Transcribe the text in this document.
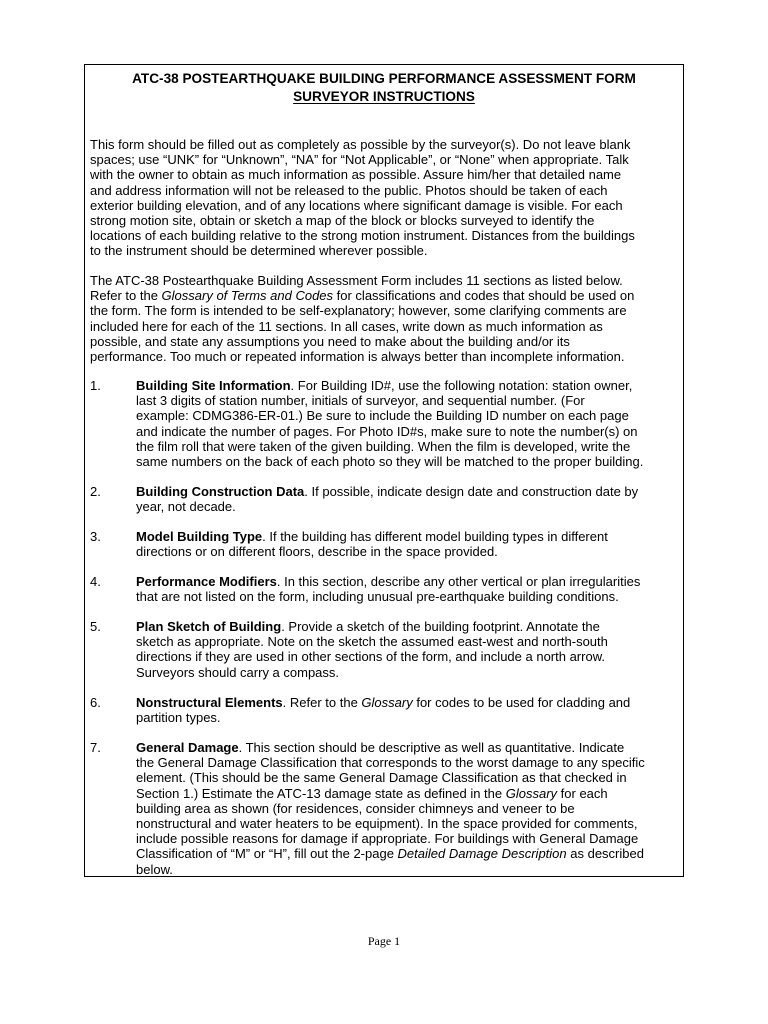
ATC-38 POSTEARTHQUAKE BUILDING PERFORMANCE ASSESSMENT FORM
SURVEYOR INSTRUCTIONS

This form should be filled out as completely as possible by the surveyor(s). Do not leave blank
spaces; use “UNK” for “Unknown”, “NA” for “Not Applicable”, or “None” when appropriate. Talk
with the owner to obtain as much information as possible. Assure him/her that detailed name
and address information will not be released to the public. Photos should be taken of each
exterior building elevation, and of any locations where significant damage is visible. For each
strong motion site, obtain or sketch a map of the block or blocks surveyed to identify the
locations of each building relative to the strong motion instrument. Distances from the buildings
to the instrument should be determined wherever possible.

The ATC-38 Postearthquake Building Assessment Form includes 11 sections as listed below.
Refer to the Glossary of Terms and Codes for classifications and codes that should be used on
the form. The form is intended to be self-explanatory; however, some clarifying comments are
included here for each of the 11 sections. In all cases, write down as much information as
possible, and state any assumptions you need to make about the building and/or its
performance. Too much or repeated information is always better than incomplete information.

1.	Building Site Information. For Building ID#, use the following notation: station owner,
last 3 digits of station number, initials of surveyor, and sequential number. (For
example: CDMG386-ER-01.) Be sure to include the Building ID number on each page
and indicate the number of pages. For Photo ID#s, make sure to note the number(s) on
the film roll that were taken of the given building. When the film is developed, write the
same numbers on the back of each photo so they will be matched to the proper building.
2.	Building Construction Data. If possible, indicate design date and construction date by
year, not decade.
3.	Model Building Type. If the building has different model building types in different
directions or on different floors, describe in the space provided.
4.	Performance Modifiers. In this section, describe any other vertical or plan irregularities
that are not listed on the form, including unusual pre-earthquake building conditions.
5.	Plan Sketch of Building. Provide a sketch of the building footprint. Annotate the
sketch as appropriate. Note on the sketch the assumed east-west and north-south
directions if they are used in other sections of the form, and include a north arrow.
Surveyors should carry a compass.
6.	Nonstructural Elements. Refer to the Glossary for codes to be used for cladding and
partition types.
7.	General Damage. This section should be descriptive as well as quantitative. Indicate
the General Damage Classification that corresponds to the worst damage to any specific
element. (This should be the same General Damage Classification as that checked in
Section 1.) Estimate the ATC-13 damage state as defined in the Glossary for each
building area as shown (for residences, consider chimneys and veneer to be
nonstructural and water heaters to be equipment). In the space provided for comments,
include possible reasons for damage if appropriate. For buildings with General Damage
Classification of “M” or “H”, fill out the 2-page Detailed Damage Description as described
below.
Page 1
